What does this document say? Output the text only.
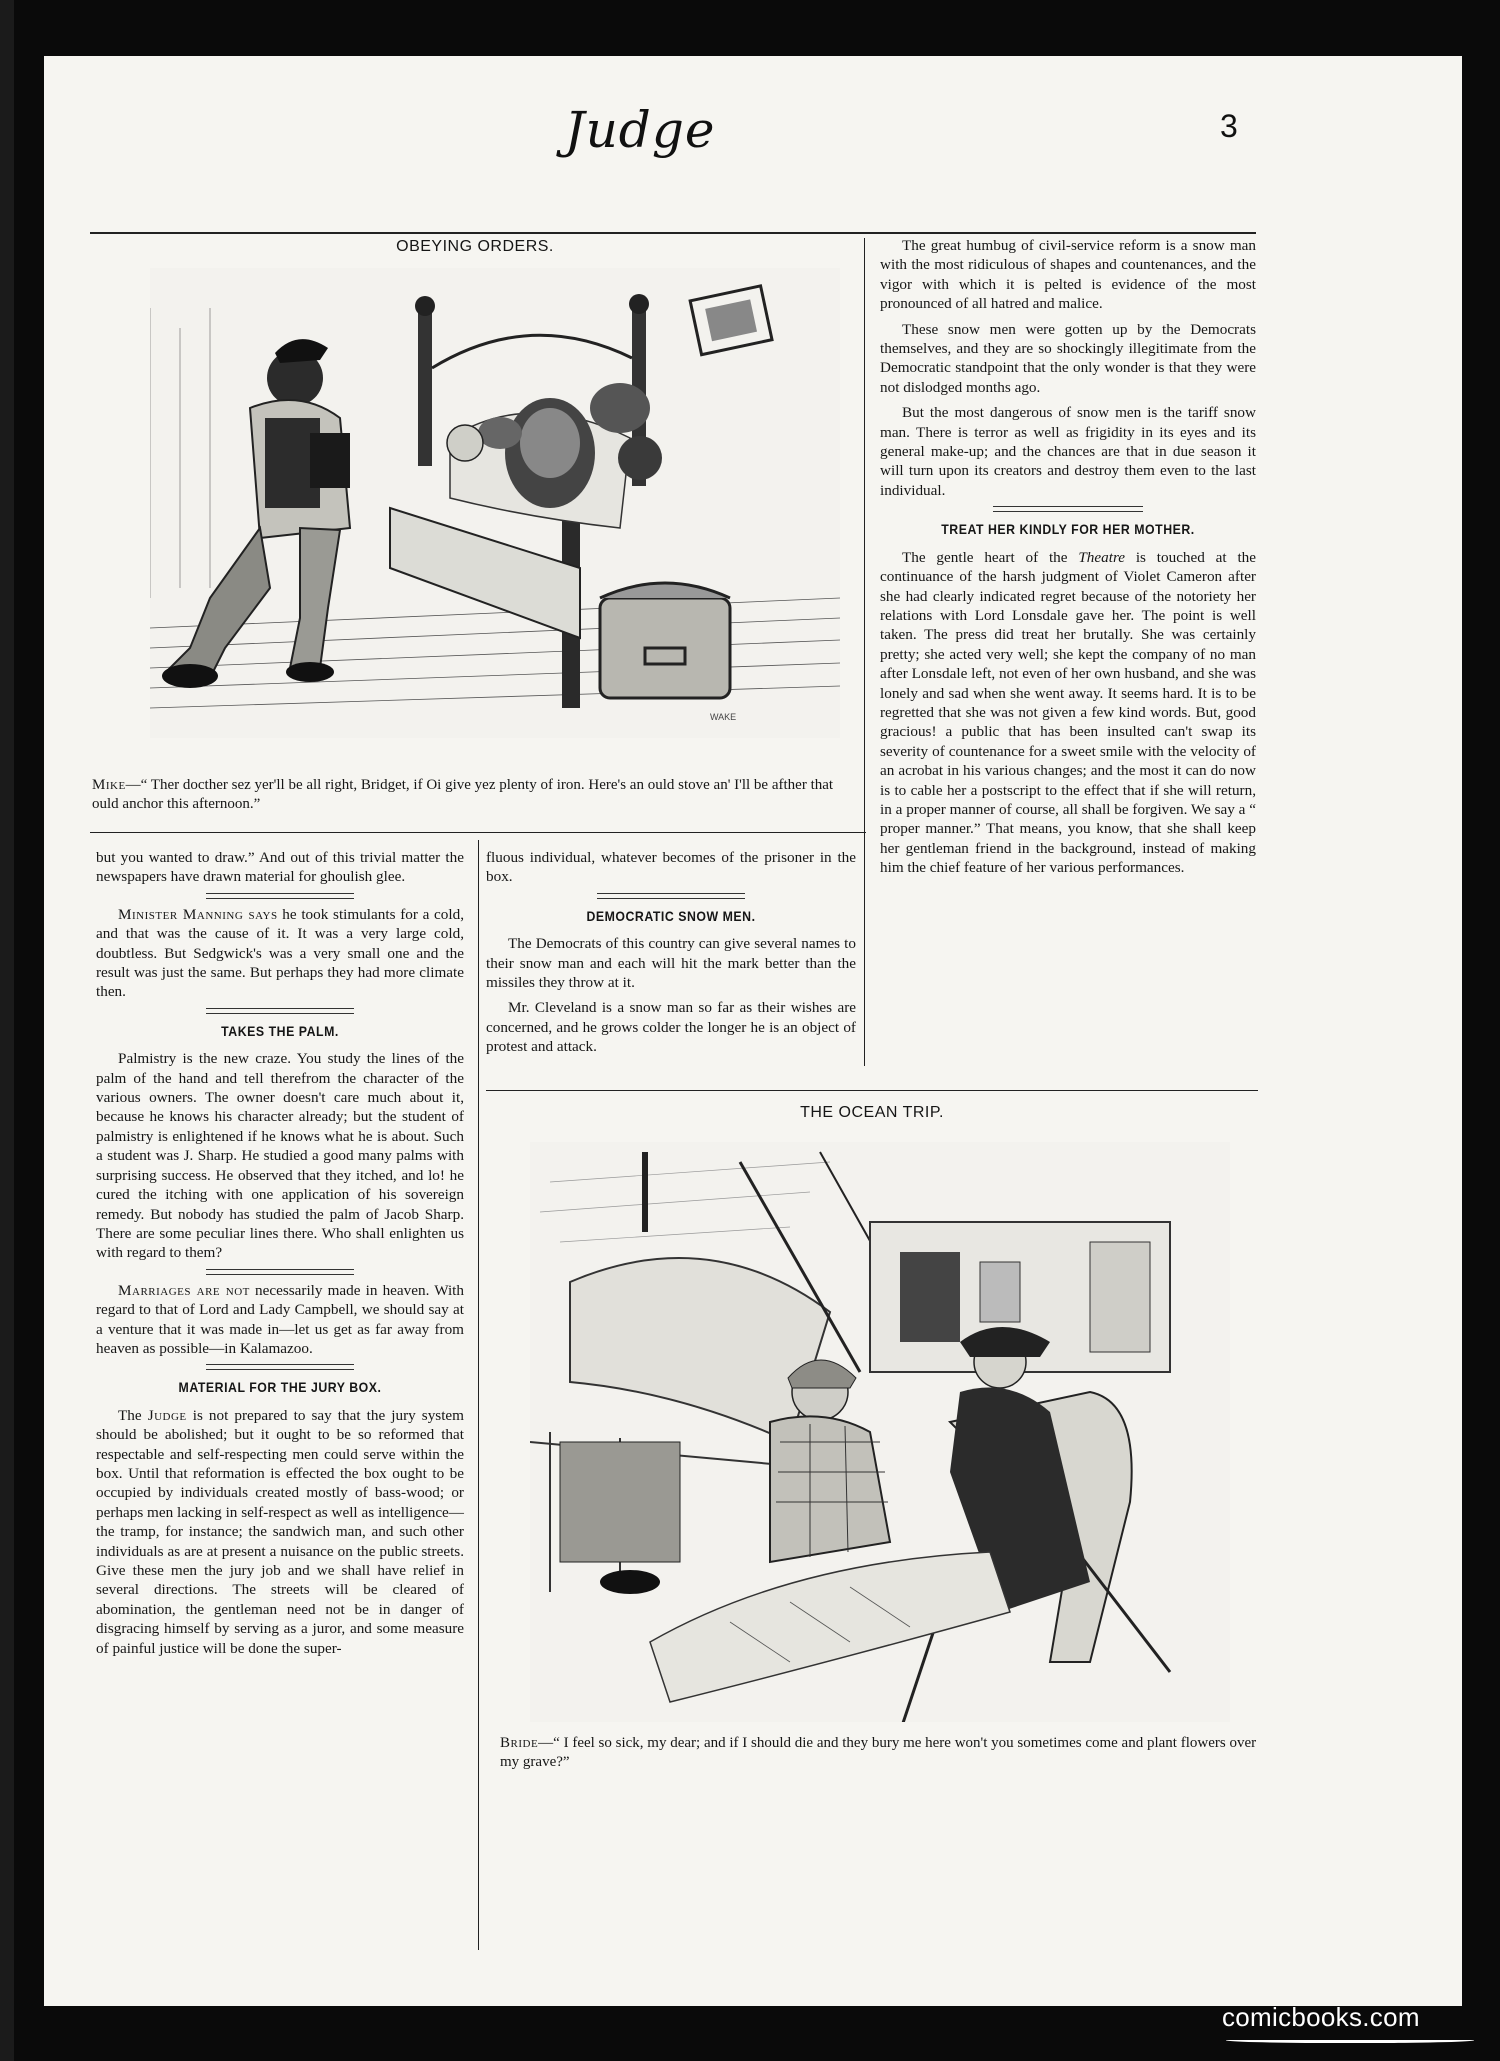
Judge	3
OBEYING ORDERS.
WAKE
Mike—“ Ther docther sez yer'll be all right, Bridget, if Oi give yez plenty of iron. Here's an ould stove an' I'll be afther that ould anchor this afternoon.”

The great humbug of civil-service reform is a snow man with the most ridiculous of shapes and countenances, and the vigor with which it is pelted is evidence of the most pronounced of all hatred and malice.

These snow men were gotten up by the Democrats themselves, and they are so shockingly illegitimate from the Democratic standpoint that the only wonder is that they were not dislodged months ago.

But the most dangerous of snow men is the tariff snow man. There is terror as well as frigidity in its eyes and its general make-up; and the chances are that in due season it will turn upon its creators and destroy them even to the last individual.

TREAT HER KINDLY FOR HER MOTHER.

The gentle heart of the Theatre is touched at the continuance of the harsh judgment of Violet Cameron after she had clearly indicated regret because of the notoriety her relations with Lord Lonsdale gave her. The point is well taken. The press did treat her brutally. She was certainly pretty; she acted very well; she kept the company of no man after Lonsdale left, not even of her own husband, and she was lonely and sad when she went away. It seems hard. It is to be regretted that she was not given a few kind words. But, good gracious! a public that has been insulted can't swap its severity of countenance for a sweet smile with the velocity of an acrobat in his various changes; and the most it can do now is to cable her a postscript to the effect that if she will return, in a proper manner of course, all shall be forgiven. We say a “ proper manner.” That means, you know, that she shall keep her gentleman friend in the background, instead of making him the chief feature of her various performances.

but you wanted to draw.” And out of this trivial matter the newspapers have drawn material for ghoulish glee.

Minister Manning says he took stimulants for a cold, and that was the cause of it. It was a very large cold, doubtless. But Sedgwick's was a very small one and the result was just the same. But perhaps they had more climate then.

TAKES THE PALM.

Palmistry is the new craze. You study the lines of the palm of the hand and tell therefrom the character of the various owners. The owner doesn't care much about it, because he knows his character already; but the student of palmistry is enlightened if he knows what he is about. Such a student was J. Sharp. He studied a good many palms with surprising success. He observed that they itched, and lo! he cured the itching with one application of his sovereign remedy. But nobody has studied the palm of Jacob Sharp. There are some peculiar lines there. Who shall enlighten us with regard to them?

Marriages are not necessarily made in heaven. With regard to that of Lord and Lady Campbell, we should say at a venture that it was made in—let us get as far away from heaven as possible—in Kalamazoo.

MATERIAL FOR THE JURY BOX.

The Judge is not prepared to say that the jury system should be abolished; but it ought to be so reformed that respectable and self-respecting men could serve within the box. Until that reformation is effected the box ought to be occupied by individuals created mostly of bass-wood; or perhaps men lacking in self-respect as well as intelligence—the tramp, for instance; the sandwich man, and such other individuals as are at present a nuisance on the public streets. Give these men the jury job and we shall have relief in several directions. The streets will be cleared of abomination, the gentleman need not be in danger of disgracing himself by serving as a juror, and some measure of painful justice will be done the super-

fluous individual, whatever becomes of the prisoner in the box.

DEMOCRATIC SNOW MEN.

The Democrats of this country can give several names to their snow man and each will hit the mark better than the missiles they throw at it.

Mr. Cleveland is a snow man so far as their wishes are concerned, and he grows colder the longer he is an object of protest and attack.

THE OCEAN TRIP.
Bride—“ I feel so sick, my dear; and if I should die and they bury me here won't you sometimes come and plant flowers over my grave?”
comicbooks.com
